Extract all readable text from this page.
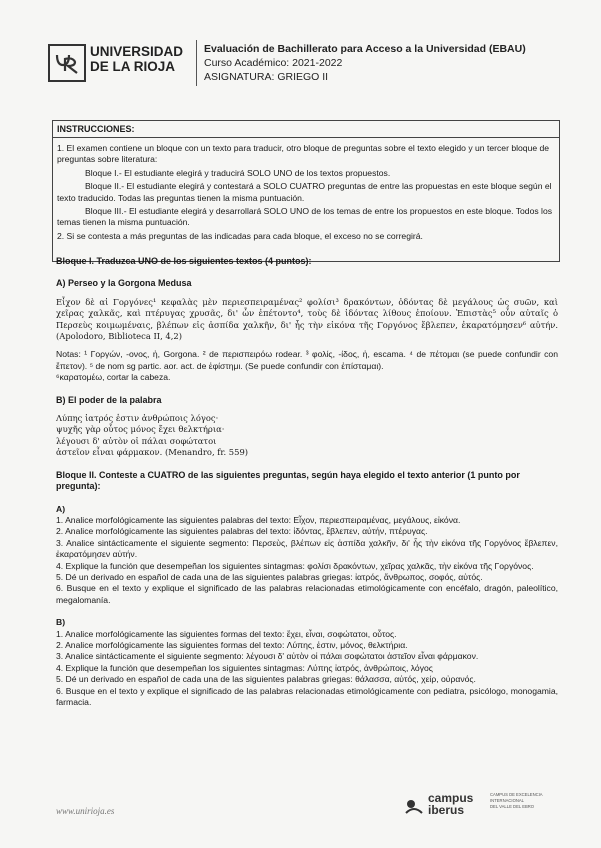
UNIVERSIDAD
DE LA RIOJA
Evaluación de Bachillerato para Acceso a la Universidad (EBAU)
Curso Académico: 2021-2022
ASIGNATURA: GRIEGO II
INSTRUCCIONES:

1. El examen contiene un bloque con un texto para traducir, otro bloque de preguntas sobre el texto elegido y un tercer bloque de preguntas sobre literatura:

Bloque I.- El estudiante elegirá y traducirá SOLO UNO de los textos propuestos.

Bloque II.- El estudiante elegirá y contestará a SOLO CUATRO preguntas de entre las propuestas en este bloque según el texto traducido. Todas las preguntas tienen la misma puntuación.

Bloque III.- El estudiante elegirá y desarrollará SOLO UNO de los temas de entre los propuestos en este bloque. Todos los temas tienen la misma puntuación.

2. Si se contesta a más preguntas de las indicadas para cada bloque, el exceso no se corregirá.

Bloque I. Traduzca UNO de los siguientes textos (4 puntos):

A) Perseo y la Gorgona Medusa

Εἶχον δὲ αἱ Γοργόνες¹ κεφαλὰς μὲν περιεσπειραμένας² φολίσι³ δρακόντων, ὀδόντας δὲ μεγάλους ὡς συῶν, καὶ χεῖρας χαλκᾶς, καὶ πτέρυγας χρυσᾶς, δι' ὧν ἐπέτοντο⁴, τοὺς δὲ ἰδόντας λίθους ἐποίουν. Ἐπιστὰς⁵ οὖν αὐταῖς ὁ Περσεὺς κοιμωμέναις, βλέπων εἰς ἀσπίδα χαλκῆν, δι' ἧς τὴν εἰκόνα τῆς Γοργόνος ἔβλεπεν, ἐκαρατόμησεν⁶ αὐτήν. (Apolodoro, Biblioteca II, 4,2)

Notas: ¹ Γοργών, -ονος, ἡ, Gorgona. ² de περισπειρόω rodear. ³ φολίς, -ίδος, ἡ, escama. ⁴ de πέτομαι (se puede confundir con ἔπετον). ⁵ de nom sg partic. aor. act. de ἐφίστημι. (Se puede confundir con ἐπίσταμαι).

⁶καρατομέω, cortar la cabeza.

B) El poder de la palabra

Λύπης ἰατρός ἐστιν ἀνθρώποις λόγος·

ψυχῆς γὰρ οὗτος μόνος ἔχει θελκτήρια·

λέγουσι δ' αὐτὸν οἱ πάλαι σοφώτατοι

ἀστεῖον εἶναι φάρμακον. (Menandro, fr. 559)

Bloque II. Conteste a CUATRO de las siguientes preguntas, según haya elegido el texto anterior (1 punto por pregunta):

A)

1. Analice morfológicamente las siguientes palabras del texto: Εἶχον, περιεσπειραμένας, μεγάλους, εἰκόνα.

2. Analice morfológicamente las siguientes palabras del texto: ἰδόντας, ἔβλεπεν, αὐτήν, πτέρυγας.

3. Analice sintácticamente el siguiente segmento: Περσεὺς, βλέπων εἰς ἀσπίδα χαλκῆν, δι' ἧς τὴν εἰκόνα τῆς Γοργόνος ἔβλεπεν, ἐκαρατόμησεν αὐτήν.

4. Explique la función que desempeñan los siguientes sintagmas: φολίσι δρακόντων, χεῖρας χαλκᾶς, τὴν εἰκόνα τῆς Γοργόνος.

5. Dé un derivado en español de cada una de las siguientes palabras griegas: ἰατρός, ἄνθρωπος, σοφός, αὐτός.

6. Busque en el texto y explique el significado de las palabras relacionadas etimológicamente con encéfalo, dragón, paleolítico, megalomanía.

B)

1. Analice morfológicamente las siguientes formas del texto: ἔχει, εἶναι, σοφώτατοι, οὗτος.

2. Analice morfológicamente las siguientes formas del texto: Λύπης, ἐστιν, μόνος, θελκτήρια.

3. Analice sintácticamente el siguiente segmento: λέγουσι δ' αὐτὸν οἱ πάλαι σοφώτατοι ἀστεῖον εἶναι φάρμακον.

4. Explique la función que desempeñan los siguientes sintagmas: Λύπης ἰατρός, ἀνθρώποις, λόγος

5. Dé un derivado en español de cada una de las siguientes palabras griegas: θάλασσα, αὐτός, χείρ, οὐρανός.

6. Busque en el texto y explique el significado de las palabras relacionadas etimológicamente con pediatra, psicólogo, monogamia, farmacia.

www.unirioja.es
campus
iberus
CAMPUS DE EXCELENCIA
INTERNACIONAL
DEL VALLE DEL EBRO
